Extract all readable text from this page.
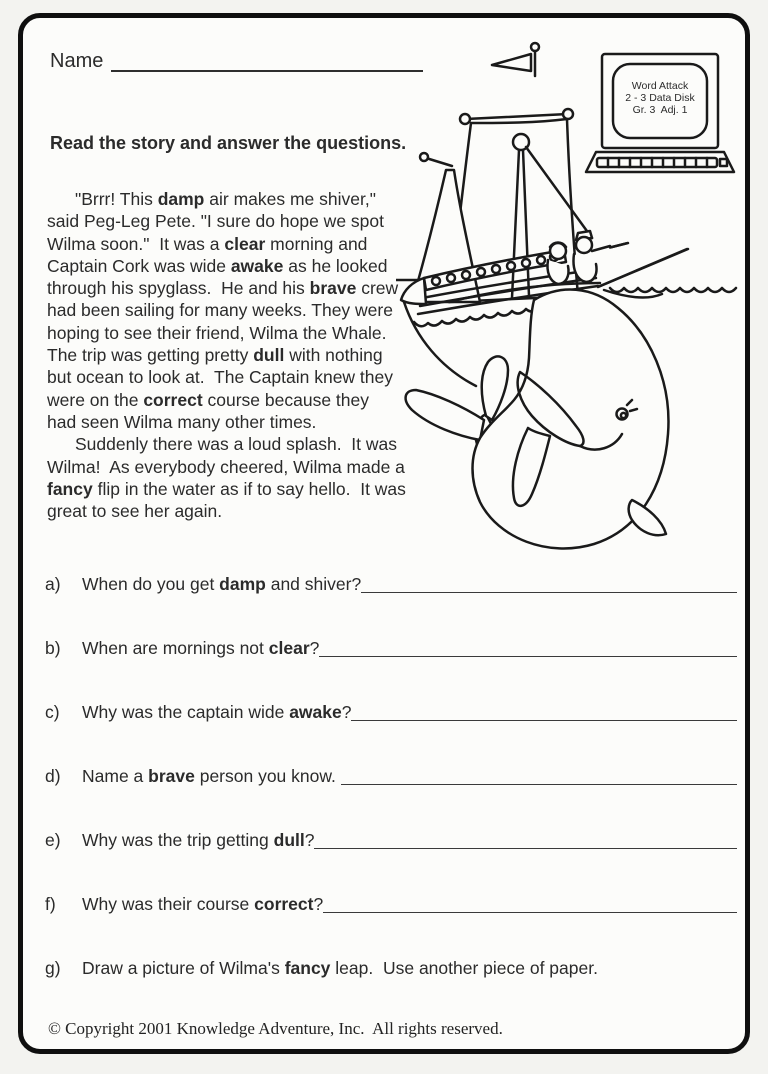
Name
Read the story and answer the questions.
"Brrr! This damp air makes me shiver,"
said Peg-Leg Pete. "I sure do hope we spot
Wilma soon."  It was a clear morning and
Captain Cork was wide awake as he looked
through his spyglass.  He and his brave crew
had been sailing for many weeks. They were
hoping to see their friend, Wilma the Whale.
The trip was getting pretty dull with nothing
but ocean to look at.  The Captain knew they
were on the correct course because they
had seen Wilma many other times.
Suddenly there was a loud splash.  It was
Wilma!  As everybody cheered, Wilma made a
fancy flip in the water as if to say hello.  It was
great to see her again.
Word Attack
2 - 3 Data Disk
Gr. 3  Adj. 1
a)	When do you get damp and shiver?
b)	When are mornings not clear?
c)	Why was the captain wide awake?
d)	Name a brave person you know.
e)	Why was the trip getting dull?
f)	Why was their course correct?
g)	Draw a picture of Wilma's fancy leap.  Use another piece of paper.
© Copyright 2001 Knowledge Adventure, Inc.  All rights reserved.
